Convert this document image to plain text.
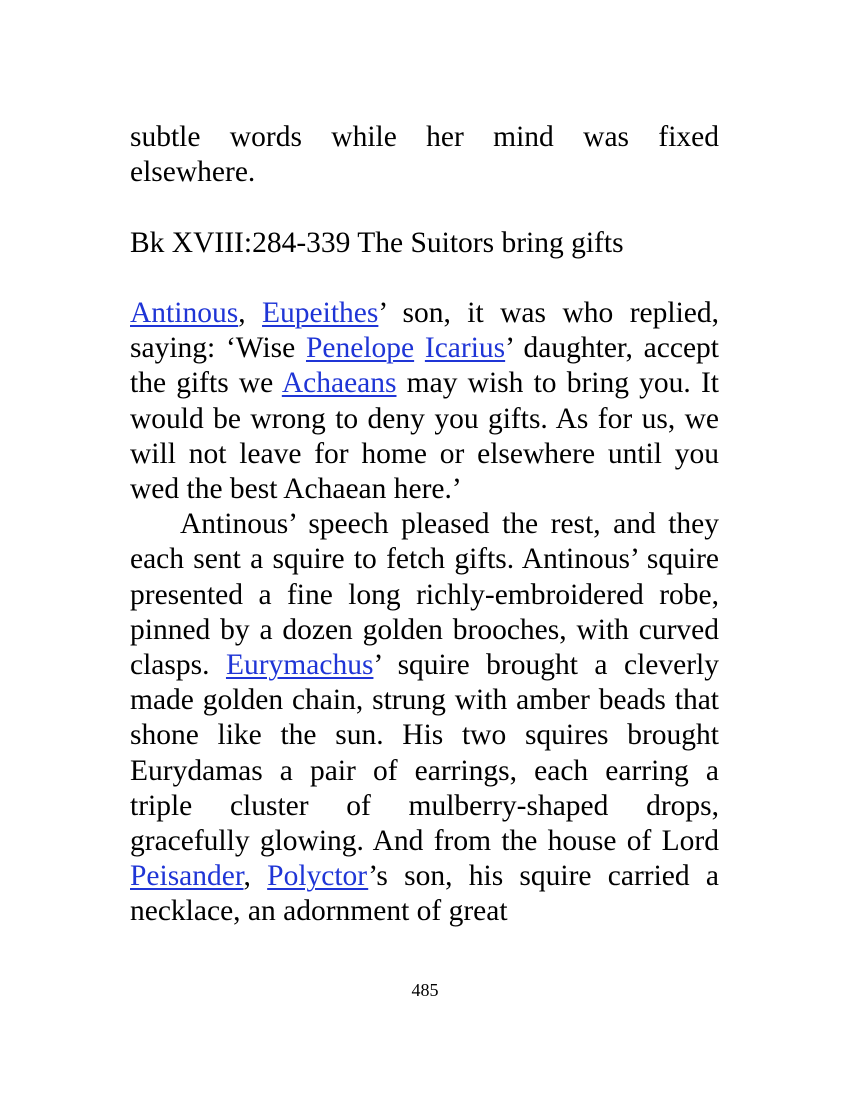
subtle words while her mind was fixed elsewhere.

Bk XVIII:284-339 The Suitors bring gifts

Antinous, Eupeithes’ son, it was who replied, saying: ‘Wise Penelope Icarius’ daughter, accept the gifts we Achaeans may wish to bring you. It would be wrong to deny you gifts. As for us, we will not leave for home or elsewhere until you wed the best Achaean here.’

Antinous’ speech pleased the rest, and they each sent a squire to fetch gifts. Antinous’ squire presented a fine long richly-embroidered robe, pinned by a dozen golden brooches, with curved clasps. Eurymachus’ squire brought a cleverly made golden chain, strung with amber beads that shone like the sun. His two squires brought Eurydamas a pair of earrings, each earring a triple cluster of mulberry-shaped drops, gracefully glowing. And from the house of Lord Peisander, Polyctor’s son, his squire carried a necklace, an adornment of great

485
